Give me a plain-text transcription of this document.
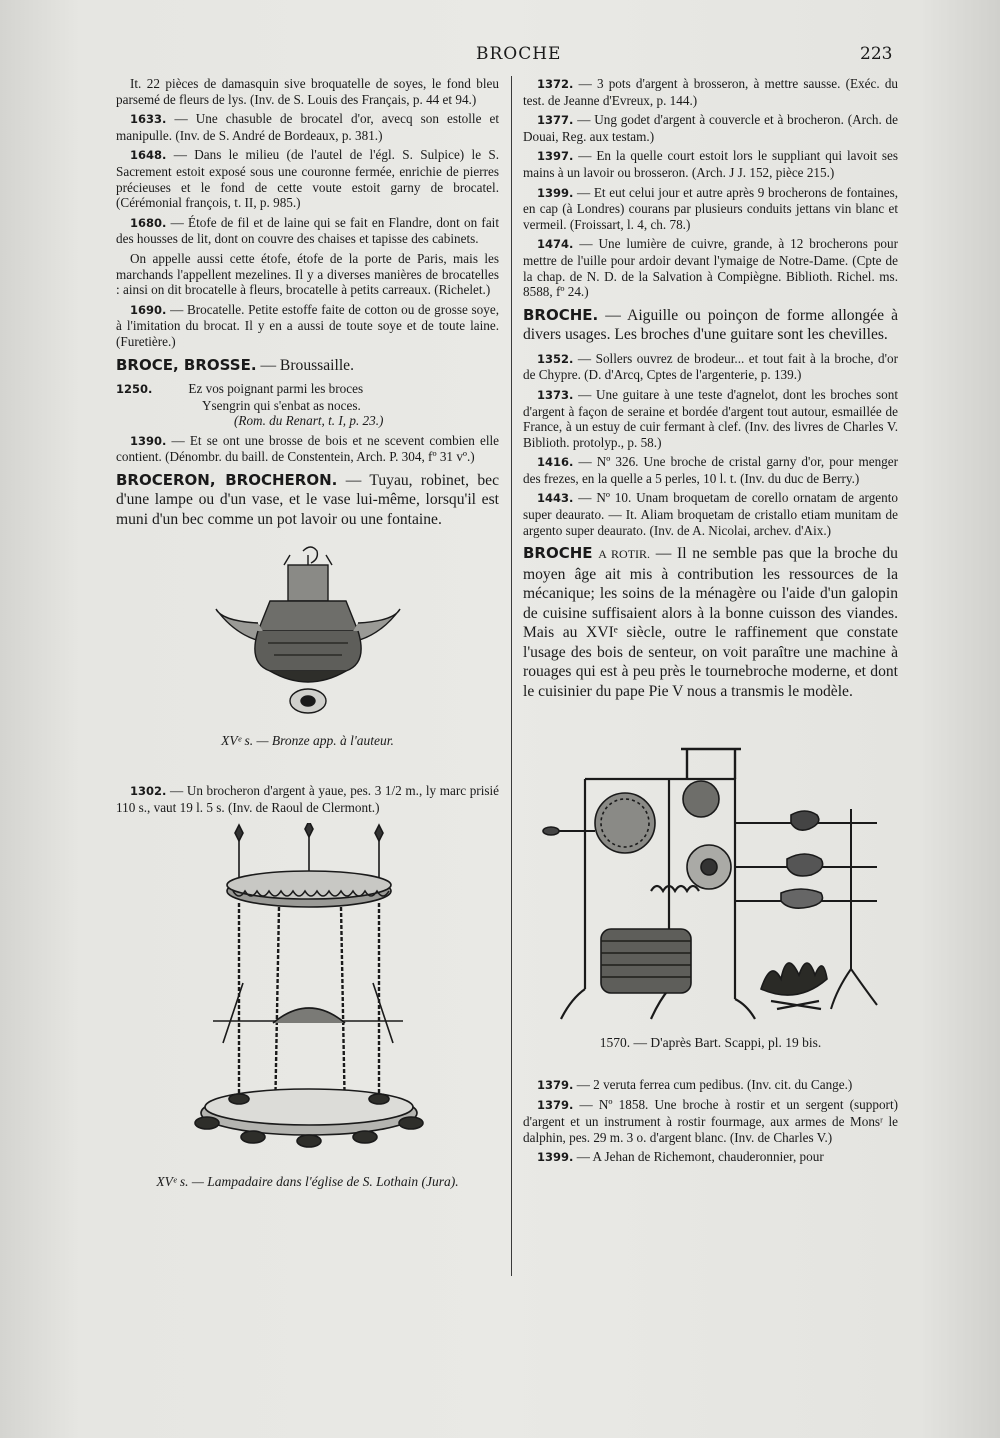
BROCHE	223

It. 22 pièces de damasquin sive broquatelle de soyes, le fond bleu parsemé de fleurs de lys. (Inv. de S. Louis des Français, p. 44 et 94.)

1633. — Une chasuble de brocatel d'or, avecq son estolle et manipulle. (Inv. de S. André de Bordeaux, p. 381.)

1648. — Dans le milieu (de l'autel de l'égl. S. Sulpice) le S. Sacrement estoit exposé sous une couronne fermée, enrichie de pierres précieuses et le fond de cette voute estoit garny de brocatel. (Cérémonial françois, t. II, p. 985.)

1680. — Étofe de fil et de laine qui se fait en Flandre, dont on fait des housses de lit, dont on couvre des chaises et tapisse des cabinets.

On appelle aussi cette étofe, étofe de la porte de Paris, mais les marchands l'appellent mezelines. Il y a diverses manières de brocatelles : ainsi on dit brocatelle à fleurs, brocatelle à petits carreaux. (Richelet.)

1690. — Brocatelle. Petite estoffe faite de cotton ou de grosse soye, à l'imitation du brocat. Il y en a aussi de toute soye et de toute laine. (Furetière.)

BROCE, BROSSE. — Broussaille.

1250.	Ez vos poignant parmi les broces

Ysengrin qui s'enbat as noces.

(Rom. du Renart, t. I, p. 23.)

1390. — Et se ont une brosse de bois et ne scevent combien elle contient. (Dénombr. du baill. de Constentein, Arch. P. 304, fº 31 vº.)

BROCERON, BROCHERON. — Tuyau, robinet, bec d'une lampe ou d'un vase, et le vase lui-même, lorsqu'il est muni d'un bec comme un pot lavoir ou une fontaine.

XVᵉ s. — Bronze app. à l'auteur.

1302. — Un brocheron d'argent à yaue, pes. 3 1/2 m., ly marc prisié 110 s., vaut 19 l. 5 s. (Inv. de Raoul de Clermont.)

XVᵉ s. — Lampadaire dans l'église de S. Lothain (Jura).

1372. — 3 pots d'argent à brosseron, à mettre sausse. (Exéc. du test. de Jeanne d'Evreux, p. 144.)

1377. — Ung godet d'argent à couvercle et à brocheron. (Arch. de Douai, Reg. aux testam.)

1397. — En la quelle court estoit lors le suppliant qui lavoit ses mains à un lavoir ou brosseron. (Arch. J J. 152, pièce 215.)

1399. — Et eut celui jour et autre après 9 brocherons de fontaines, en cap (à Londres) courans par plusieurs conduits jettans vin blanc et vermeil. (Froissart, l. 4, ch. 78.)

1474. — Une lumière de cuivre, grande, à 12 brocherons pour mettre de l'uille pour ardoir devant l'ymaige de Notre-Dame. (Cpte de la chap. de N. D. de la Salvation à Compiègne. Biblioth. Richel. ms. 8588, fº 24.)

BROCHE. — Aiguille ou poinçon de forme allongée à divers usages. Les broches d'une guitare sont les chevilles.

1352. — Sollers ouvrez de brodeur... et tout fait à la broche, d'or de Chypre. (D. d'Arcq, Cptes de l'argenterie, p. 139.)

1373. — Une guitare à une teste d'agnelot, dont les broches sont d'argent à façon de seraine et bordée d'argent tout autour, esmaillée de France, à un estuy de cuir fermant à clef. (Inv. des livres de Charles V. Biblioth. protolyp., p. 58.)

1416. — Nº 326. Une broche de cristal garny d'or, pour menger des frezes, en la quelle a 5 perles, 10 l. t. (Inv. du duc de Berry.)

1443. — Nº 10. Unam broquetam de corello ornatam de argento super deaurato. — It. Aliam broquetam de cristallo etiam munitam de argento super deaurato. (Inv. de A. Nicolai, archev. d'Aix.)

BROCHE A ROTIR. — Il ne semble pas que la broche du moyen âge ait mis à contribution les ressources de la mécanique; les soins de la ménagère ou l'aide d'un galopin de cuisine suffisaient alors à la bonne cuisson des viandes. Mais au XVIᵉ siècle, outre le raffinement que constate l'usage des bois de senteur, on voit paraître une machine à rouages qui est à peu près le tournebroche moderne, et dont le cuisinier du pape Pie V nous a transmis le modèle.

1570. — D'après Bart. Scappi, pl. 19 bis.

1379. — 2 veruta ferrea cum pedibus. (Inv. cit. du Cange.)

1379. — Nº 1858. Une broche à rostir et un sergent (support) d'argent et un instrument à rostir fourmage, aux armes de Monsʳ le dalphin, pes. 29 m. 3 o. d'argent blanc. (Inv. de Charles V.)

1399. — A Jehan de Richemont, chauderonnier, pour
